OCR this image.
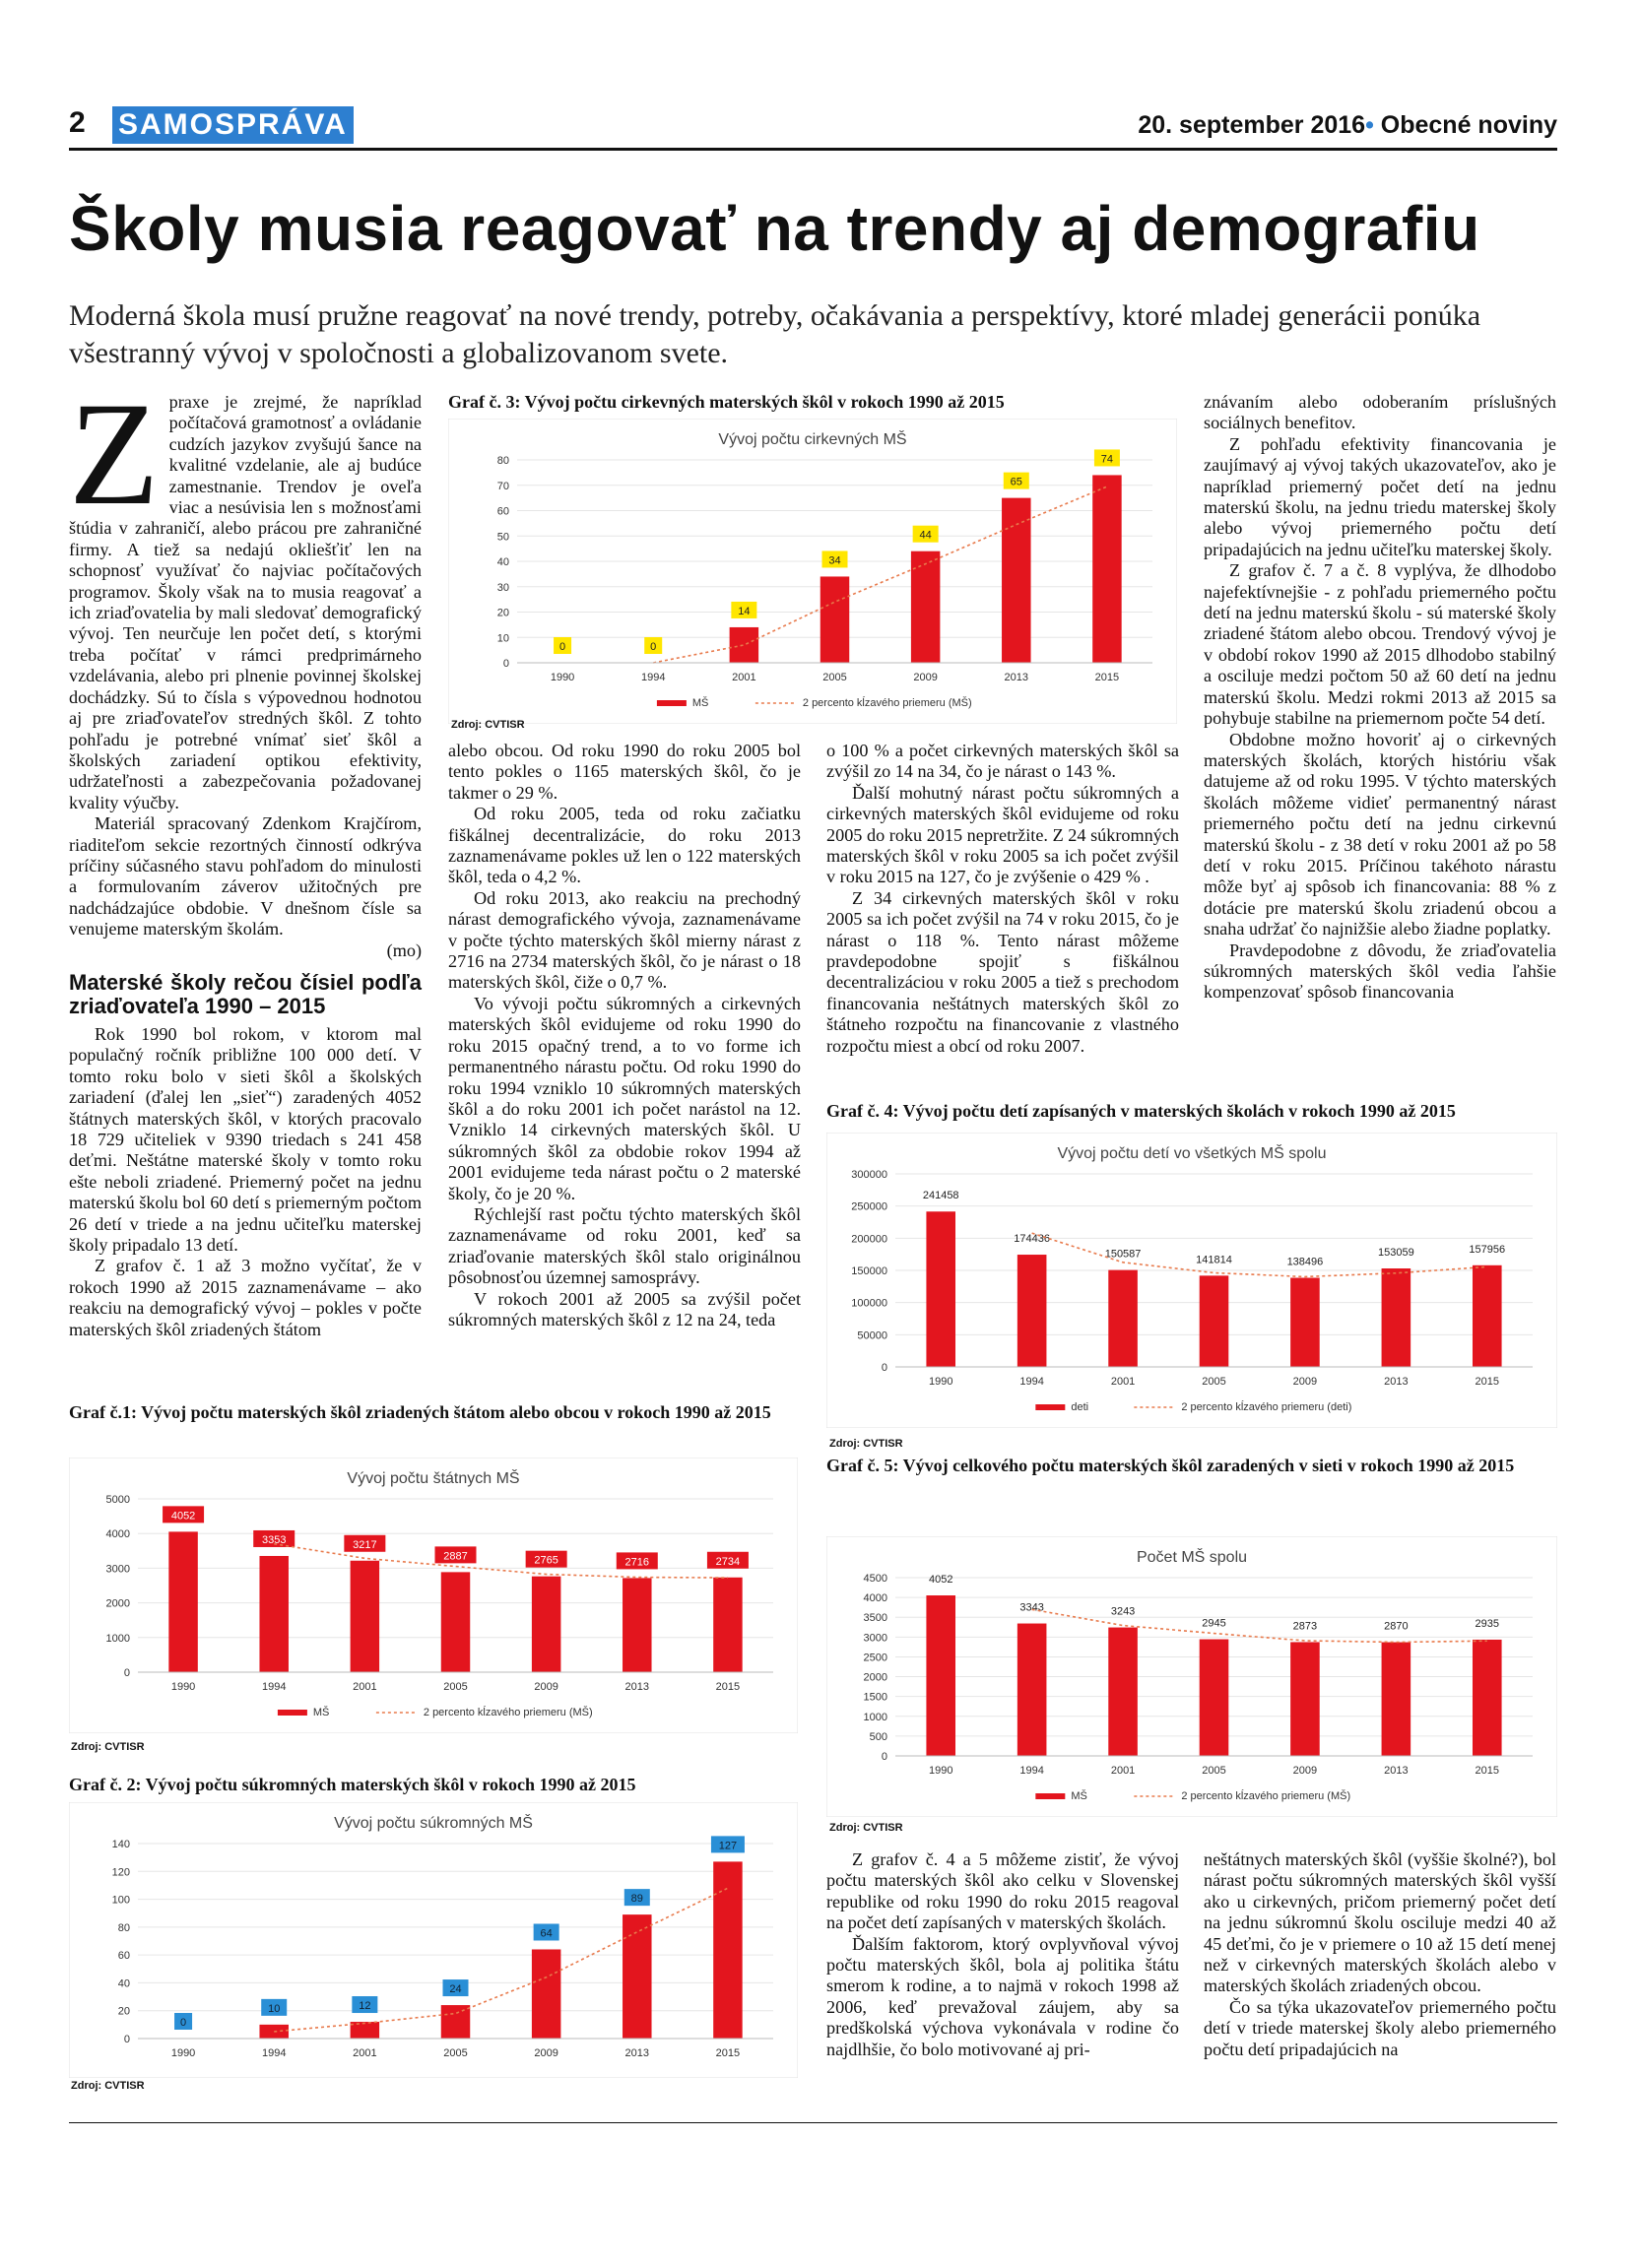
2 SAMOSPRÁVA	20. september 2016• Obecné noviny
Školy musia reagovať na trendy aj demografiu
Moderná škola musí pružne reagovať na nové trendy, potreby, očakávania a perspektívy, ktoré mladej generácii ponúka všestranný vývoj v spoločnosti a globalizovanom svete.

Zpraxe je zrejmé, že napríklad počítačová gramotnosť a ovládanie cudzích jazykov zvyšujú šance na kvalitné vzdelanie, ale aj budúce zamestnanie. Trendov je oveľa viac a nesúvisia len s možnosťami štúdia v zahraničí, alebo prácou pre zahraničné firmy. A tiež sa nedajú okliešťiť len na schopnosť využívať čo najviac počítačových programov. Školy však na to musia reagovať a ich zriaďovatelia by mali sledovať demografický vývoj. Ten neurčuje len počet detí, s ktorými treba počítať v rámci predprimárneho vzdelávania, alebo pri plnenie povinnej školskej dochádzky. Sú to čísla s výpovednou hodnotou aj pre zriaďovateľov stredných škôl. Z tohto pohľadu je potrebné vnímať sieť škôl a školských zariadení optikou efektivity, udržateľnosti a zabezpečovania požadovanej kvality výučby.

Materiál spracovaný Zdenkom Krajčírom, riaditeľom sekcie rezortných činností odkrýva príčiny súčasného stavu pohľadom do minulosti a formulovaním záverov užitočných pre nadchádzajúce obdobie. V dnešnom čísle sa venujeme materským školám.

(mo)

Materské školy rečou čísiel podľa zriaďovateľa 1990 – 2015

Rok 1990 bol rokom, v ktorom mal populačný ročník približne 100 000 detí. V tomto roku bolo v sieti škôl a školských zariadení (ďalej len „sieť“) zaradených 4052 štátnych materských škôl, v ktorých pracovalo 18 729 učiteliek v 9390 triedach s 241 458 deťmi. Neštátne materské školy v tomto roku ešte neboli zriadené. Priemerný počet na jednu materskú školu bol 60 detí s priemerným počtom 26 detí v triede a na jednu učiteľku materskej školy pripadalo 13 detí.

Z grafov č. 1 až 3 možno vyčítať, že v rokoch 1990 až 2015 zaznamenávame – ako reakciu na demografický vývoj – pokles v počte materských škôl zriadených štátom

Graf č. 3: Vývoj počtu cirkevných materských škôl v rokoch 1990 až 2015
Vývoj počtu cirkevných MŠ
0
10
20
30
40
50
60
70
80
1990
0
1994
0
2001
14
2005
34
2009
44
2013
65
2015
74
MŠ	2 percento kĺzavého priemeru (MŠ)
Zdroj: CVTISR

alebo obcou. Od roku 1990 do roku 2005 bol tento pokles o 1165 materských škôl, čo je takmer o 29 %.

Od roku 2005, teda od roku začiatku fiškálnej decentralizácie, do roku 2013 zaznamenávame pokles už len o 122 materských škôl, teda o 4,2 %.

Od roku 2013, ako reakciu na prechodný nárast demografického vývoja, zaznamenávame v počte týchto materských škôl mierny nárast z 2716 na 2734 materských škôl, čo je nárast o 18 materských škôl, čiže o 0,7 %.

Vo vývoji počtu súkromných a cirkevných materských škôl evidujeme od roku 1990 do roku 2015 opačný trend, a to vo forme ich permanentného nárastu počtu. Od roku 1990 do roku 1994 vzniklo 10 súkromných materských škôl a do roku 2001 ich počet narástol na 12. Vzniklo 14 cirkevných materských škôl. U súkromných škôl za obdobie rokov 1994 až 2001 evidujeme teda nárast počtu o 2 materské školy, čo je 20 %.

Rýchlejší rast počtu týchto materských škôl zaznamenávame od roku 2001, keď sa zriaďovanie materských škôl stalo originálnou pôsobnosťou územnej samosprávy.

V rokoch 2001 až 2005 sa zvýšil počet súkromných materských škôl z 12 na 24, teda

o 100 % a počet cirkevných materských škôl sa zvýšil zo 14 na 34, čo je nárast o 143 %.

Ďalší mohutný nárast počtu súkromných a cirkevných materských škôl evidujeme od roku 2005 do roku 2015 nepretržite. Z 24 súkromných materských škôl v roku 2005 sa ich počet zvýšil v roku 2015 na 127, čo je zvýšenie o 429 % .

Z 34 cirkevných materských škôl v roku 2005 sa ich počet zvýšil na 74 v roku 2015, čo je nárast o 118 %. Tento nárast môžeme pravdepodobne spojiť s fiškálnou decentralizáciou v roku 2005 a tiež s prechodom financovania neštátnych materských škôl zo štátneho rozpočtu na financovanie z vlastného rozpočtu miest a obcí od roku 2007.

znávaním alebo odoberaním príslušných sociálnych benefitov.

Z pohľadu efektivity financovania je zaujímavý aj vývoj takých ukazovateľov, ako je napríklad priemerný počet detí na jednu materskú školu, na jednu triedu materskej školy alebo vývoj priemerného počtu detí pripadajúcich na jednu učiteľku materskej školy.

Z grafov č. 7 a č. 8 vyplýva, že dlhodobo najefektívnejšie - z pohľadu priemerného počtu detí na jednu materskú školu - sú materské školy zriadené štátom alebo obcou. Trendový vývoj je v období rokov 1990 až 2015 dlhodobo stabilný a osciluje medzi počtom 50 až 60 detí na jednu materskú školu. Medzi rokmi 2013 až 2015 sa pohybuje stabilne na priemernom počte 54 detí.

Obdobne možno hovoriť aj o cirkevných materských školách, ktorých históriu však datujeme až od roku 1995. V týchto materských školách môžeme vidieť permanentný nárast priemerného počtu detí na jednu cirkevnú materskú školu - z 38 detí v roku 2001 až po 58 detí v roku 2015. Príčinou takéhoto nárastu môže byť aj spôsob ich financovania: 88 % z dotácie pre materskú školu zriadenú obcou a snaha udržať čo najnižšie alebo žiadne poplatky.

Pravdepodobne z dôvodu, že zriaďovatelia súkromných materských škôl vedia ľahšie kompenzovať spôsob financovania

Graf č. 4: Vývoj počtu detí zapísaných v materských školách v rokoch 1990 až 2015
Vývoj počtu detí vo všetkých MŠ spolu
0
50000
100000
150000
200000
250000
300000
1990
241458
1994
174436
2001
150587
2005
141814
2009
138496
2013
153059
2015
157956
deti	2 percento kĺzavého priemeru (deti)
Zdroj: CVTISR
Graf č. 5: Vývoj celkového počtu materských škôl zaradených v sieti v rokoch 1990 až 2015
Počet MŠ spolu
0
500
1000
1500
2000
2500
3000
3500
4000
4500
1990
4052
1994
3343
2001
3243
2005
2945
2009
2873
2013
2870
2015
2935
MŠ	2 percento kĺzavého priemeru (MŠ)
Zdroj: CVTISR
Graf č.1: Vývoj počtu materských škôl zriadených štátom alebo obcou v rokoch 1990 až 2015
Vývoj počtu štátnych MŠ
0
1000
2000
3000
4000
5000
1990
4052
1994
3353
2001
3217
2005
2887
2009
2765
2013
2716
2015
2734
MŠ	2 percento kĺzavého priemeru (MŠ)
Zdroj: CVTISR
Graf č. 2: Vývoj počtu súkromných materských škôl v rokoch 1990 až 2015
Vývoj počtu súkromných MŠ
0
20
40
60
80
100
120
140
1990
0
1994
10
2001
12
2005
24
2009
64
2013
89
2015
127
Zdroj: CVTISR

Z grafov č. 4 a 5 môžeme zistiť, že vývoj počtu materských škôl ako celku v Slovenskej republike od roku 1990 do roku 2015 reagoval na počet detí zapísaných v materských školách.

Ďalším faktorom, ktorý ovplyvňoval vývoj počtu materských škôl, bola aj politika štátu smerom k rodine, a to najmä v rokoch 1998 až 2006, keď prevažoval záujem, aby sa predškolská výchova vykonávala v rodine čo najdlhšie, čo bolo motivované aj pri-

neštátnych materských škôl (vyššie školné?), bol nárast počtu súkromných materských škôl vyšší ako u cirkevných, pričom priemerný počet detí na jednu súkromnú školu osciluje medzi 40 až 45 deťmi, čo je v priemere o 10 až 15 detí menej než v cirkevných materských školách alebo v materských školách zriadených obcou.

Čo sa týka ukazovateľov priemerného počtu detí v triede materskej školy alebo priemerného počtu detí pripadajúcich na
